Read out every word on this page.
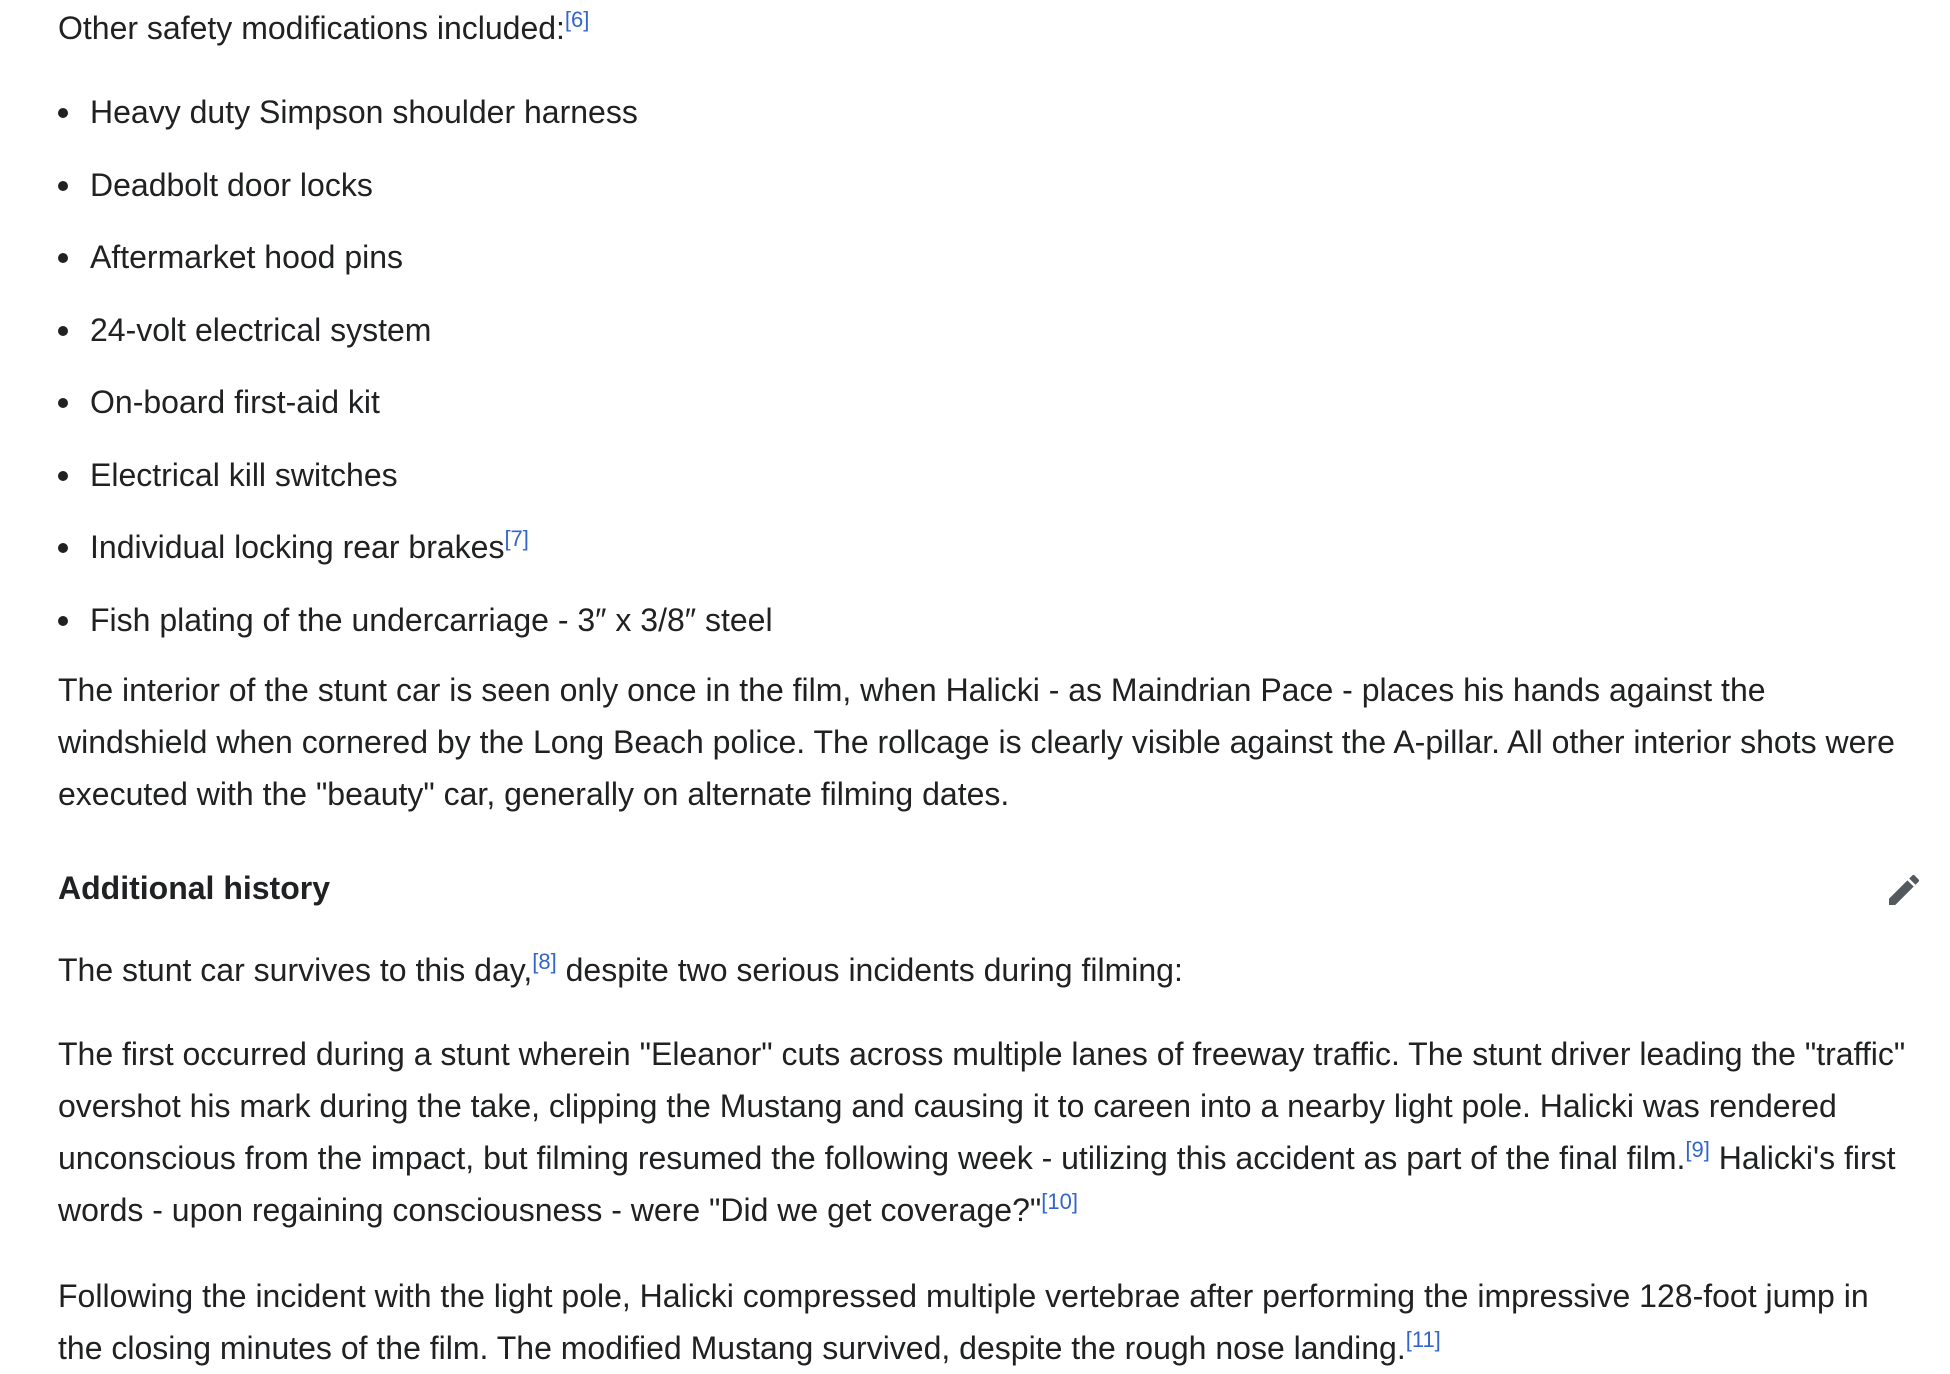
Other safety modifications included:[6]

Heavy duty Simpson shoulder harness
Deadbolt door locks
Aftermarket hood pins
24-volt electrical system
On-board first-aid kit
Electrical kill switches
Individual locking rear brakes[7]
Fish plating of the undercarriage - 3″ x 3/8″ steel

The interior of the stunt car is seen only once in the film, when Halicki - as Maindrian Pace - places his hands against the windshield when cornered by the Long Beach police. The rollcage is clearly visible against the A-pillar. All other interior shots were executed with the "beauty" car, generally on alternate filming dates.

Additional history

The stunt car survives to this day,[8] despite two serious incidents during filming:

The first occurred during a stunt wherein "Eleanor" cuts across multiple lanes of freeway traffic. The stunt driver leading the "traffic" overshot his mark during the take, clipping the Mustang and causing it to careen into a nearby light pole. Halicki was rendered unconscious from the impact, but filming resumed the following week - utilizing this accident as part of the final film.[9] Halicki's first words - upon regaining consciousness - were "Did we get coverage?"[10]

Following the incident with the light pole, Halicki compressed multiple vertebrae after performing the impressive 128-foot jump in the closing minutes of the film. The modified Mustang survived, despite the rough nose landing.[11]
